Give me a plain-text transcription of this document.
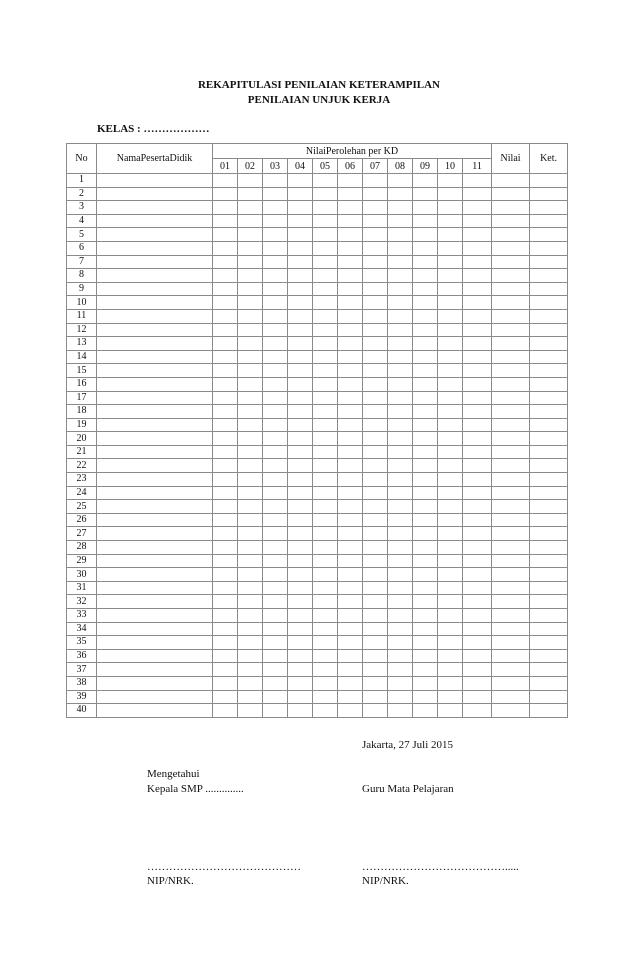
REKAPITULASI PENILAIAN KETERAMPILAN
PENILAIAN UNJUK KERJA
KELAS : ………………
No	NamaPesertaDidik	NilaiPerolehan per KD											Nilai	Ket.
		01	02	03	04	05	06	07	08	09	10	11		
1														
2														
3														
4														
5														
6														
7														
8														
9														
10														
11														
12														
13														
14														
15														
16														
17														
18														
19														
20														
21														
22														
23														
24														
25														
26														
27														
28														
29														
30														
31														
32														
33														
34														
35														
36														
37														
38														
39														
40														
Jakarta, 27 Juli 2015
Mengetahui
Kepala SMP ..............	Guru Mata Pelajaran
……………………………………	………………………………….....
NIP/NRK.	NIP/NRK.
